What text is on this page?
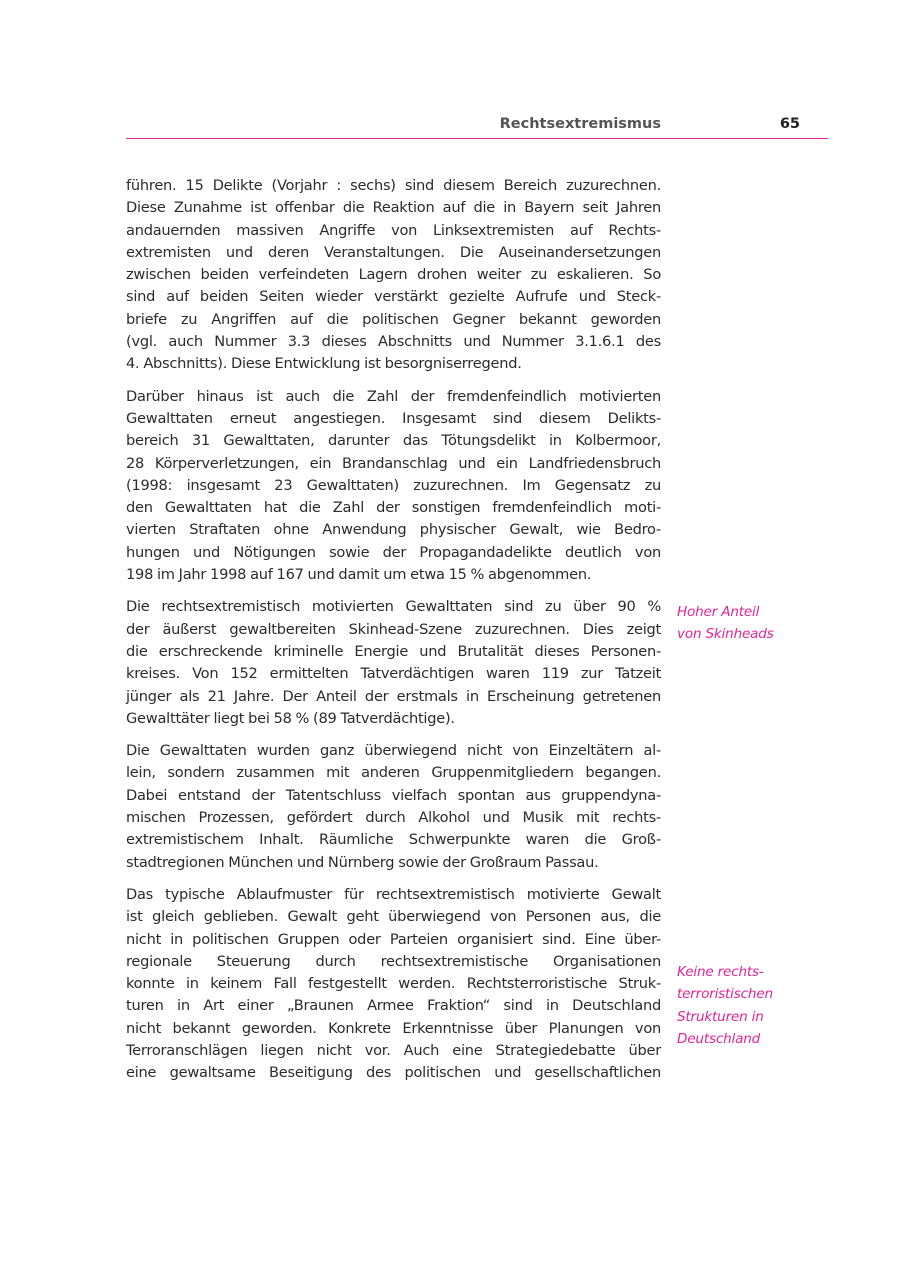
Rechtsextremismus	65

führen. 15 Delikte (Vorjahr : sechs) sind diesem Bereich zuzurechnen.
Diese Zunahme ist offenbar die Reaktion auf die in Bayern seit Jahren
andauernden massiven Angriffe von Linksextremisten auf Rechts-
extremisten und deren Veranstaltungen. Die Auseinandersetzungen
zwischen beiden verfeindeten Lagern drohen weiter zu eskalieren. So
sind auf beiden Seiten wieder verstärkt gezielte Aufrufe und Steck-
briefe zu Angriffen auf die politischen Gegner bekannt geworden
(vgl. auch Nummer 3.3 dieses Abschnitts und Nummer 3.1.6.1 des
4. Abschnitts). Diese Entwicklung ist besorgniserregend.

Darüber hinaus ist auch die Zahl der fremdenfeindlich motivierten
Gewalttaten erneut angestiegen. Insgesamt sind diesem Delikts-
bereich 31 Gewalttaten, darunter das Tötungsdelikt in Kolbermoor,
28 Körperverletzungen, ein Brandanschlag und ein Landfriedensbruch
(1998: insgesamt 23 Gewalttaten) zuzurechnen. Im Gegensatz zu
den Gewalttaten hat die Zahl der sonstigen fremdenfeindlich moti-
vierten Straftaten ohne Anwendung physischer Gewalt, wie Bedro-
hungen und Nötigungen sowie der Propagandadelikte deutlich von
198 im Jahr 1998 auf 167 und damit um etwa 15 % abgenommen.

Die rechtsextremistisch motivierten Gewalttaten sind zu über 90 %
der äußerst gewaltbereiten Skinhead-Szene zuzurechnen. Dies zeigt
die erschreckende kriminelle Energie und Brutalität dieses Personen-
kreises. Von 152 ermittelten Tatverdächtigen waren 119 zur Tatzeit
jünger als 21 Jahre. Der Anteil der erstmals in Erscheinung getretenen
Gewalttäter liegt bei 58 % (89 Tatverdächtige).

Die Gewalttaten wurden ganz überwiegend nicht von Einzeltätern al-
lein, sondern zusammen mit anderen Gruppenmitgliedern begangen.
Dabei entstand der Tatentschluss vielfach spontan aus gruppendyna-
mischen Prozessen, gefördert durch Alkohol und Musik mit rechts-
extremistischem Inhalt. Räumliche Schwerpunkte waren die Groß-
stadtregionen München und Nürnberg sowie der Großraum Passau.

Das typische Ablaufmuster für rechtsextremistisch motivierte Gewalt
ist gleich geblieben. Gewalt geht überwiegend von Personen aus, die
nicht in politischen Gruppen oder Parteien organisiert sind. Eine über-
regionale Steuerung durch rechtsextremistische Organisationen
konnte in keinem Fall festgestellt werden. Rechtsterroristische Struk-
turen in Art einer „Braunen Armee Fraktion“ sind in Deutschland
nicht bekannt geworden. Konkrete Erkenntnisse über Planungen von
Terroranschlägen liegen nicht vor. Auch eine Strategiedebatte über
eine gewaltsame Beseitigung des politischen und gesellschaftlichen

Hoher Anteil
von Skinheads
Keine rechts-
terroristischen
Strukturen in
Deutschland
